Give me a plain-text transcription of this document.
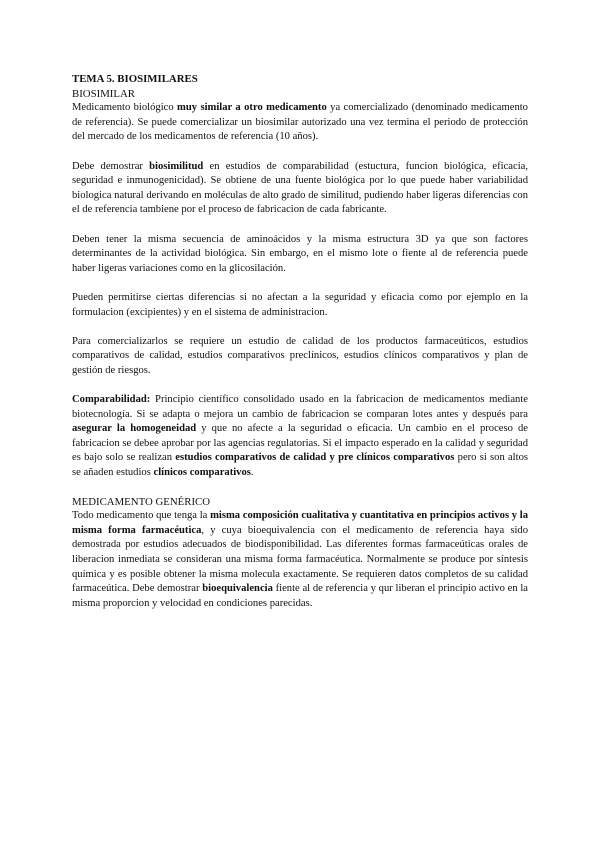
TEMA 5. BIOSIMILARES
BIOSIMILAR

Medicamento biológico muy similar a otro medicamento ya comercializado (denominado medicamento de referencia). Se puede comercializar un biosimilar autorizado una vez termina el periodo de protección del mercado de los medicamentos de referencia (10 años).

Debe demostrar biosimilitud en estudios de comparabilidad (estuctura, funcion biológica, eficacia, seguridad e inmunogenicidad). Se obtiene de una fuente biológica por lo que puede haber variabilidad biologica natural derivando en moléculas de alto grado de similitud, pudiendo haber ligeras diferencias con el de referencia tambiene por el proceso de fabricacion de cada fabricante.

Deben tener la misma secuencia de aminoácidos y la misma estructura 3D ya que son factores determinantes de la actividad biológica. Sin embargo, en el mismo lote o fiente al de referencia puede haber ligeras variaciones como en la glicosilación.

Pueden permitirse ciertas diferencias si no afectan a la seguridad y eficacia como por ejemplo en la formulacion (excipientes) y en el sistema de administracion.

Para comercializarlos se requiere un estudio de calidad de los productos farmaceúticos, estudios comparativos de calidad, estudios comparativos preclínicos, estudios clínicos comparativos y plan de gestión de riesgos.

Comparabilidad: Principio científico consolidado usado en la fabricacion de medicamentos mediante biotecnología. Si se adapta o mejora un cambio de fabricacion se comparan lotes antes y después para asegurar la homogeneidad y que no afecte a la seguridad o eficacia. Un cambio en el proceso de fabricacion se debee aprobar por las agencias regulatorias. Si el impacto esperado en la calidad y seguridad es bajo solo se realizan estudios comparativos de calidad y pre clínicos comparativos pero si son altos se añaden estudios clínicos comparativos.

MEDICAMENTO GENÉRICO

Todo medicamento que tenga la misma composición cualitativa y cuantitativa en principios activos y la misma forma farmacéutica, y cuya bioequivalencia con el medicamento de referencia haya sido demostrada por estudios adecuados de biodisponibilidad. Las diferentes formas farmaceúticas orales de liberacion inmediata se consideran una misma forma farmacéutica. Normalmente se produce por síntesis química y es posible obtener la misma molecula exactamente. Se requieren datos completos de su calidad farmaceútica. Debe demostrar bioequivalencia fiente al de referencia y qur liberan el principio activo en la misma proporcion y velocidad en condiciones parecidas.
